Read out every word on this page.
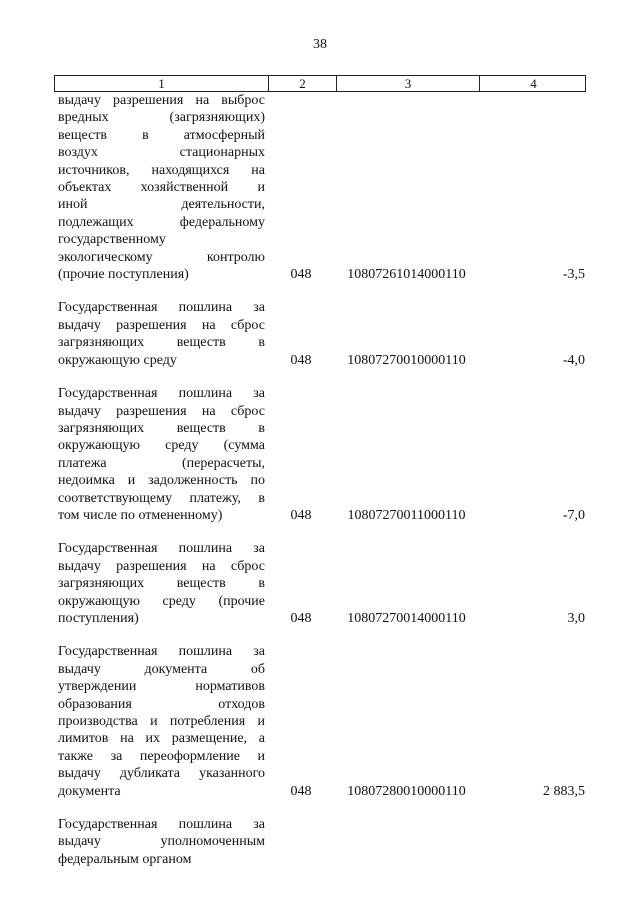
38
1	2	3	4
выдачу разрешения на выброс
вредных (загрязняющих)
веществ в атмосферный
воздух стационарных
источников, находящихся на
объектах хозяйственной и
иной деятельности,
подлежащих федеральному
государственному
экологическому контролю
(прочие поступления)	048	10807261014000110	-3,5
Государственная пошлина за
выдачу разрешения на сброс
загрязняющих веществ в
окружающую среду	048	10807270010000110	-4,0
Государственная пошлина за
выдачу разрешения на сброс
загрязняющих веществ в
окружающую среду (сумма
платежа (перерасчеты,
недоимка и задолженность по
соответствующему платежу, в
том числе по отмененному)	048	10807270011000110	-7,0
Государственная пошлина за
выдачу разрешения на сброс
загрязняющих веществ в
окружающую среду (прочие
поступления)	048	10807270014000110	3,0
Государственная пошлина за
выдачу документа об
утверждении нормативов
образования отходов
производства и потребления и
лимитов на их размещение, а
также за переоформление и
выдачу дубликата указанного
документа	048	10807280010000110	2 883,5
Государственная пошлина за
выдачу уполномоченным
федеральным органом
